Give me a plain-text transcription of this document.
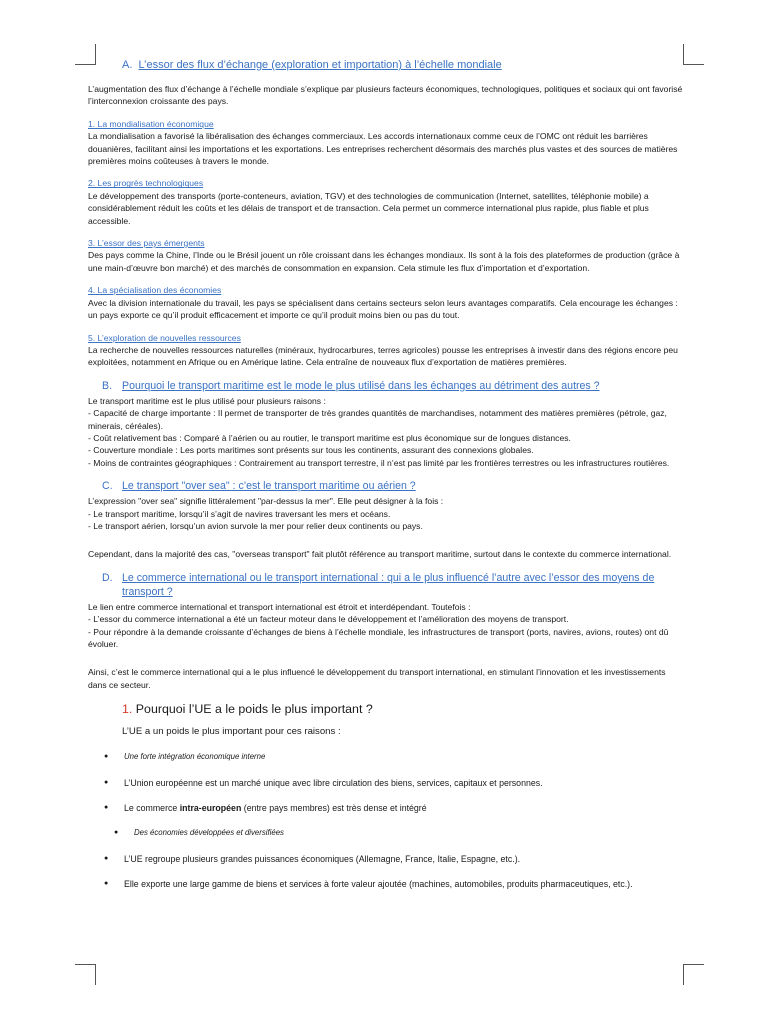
A. L’essor des flux d’échange (exploration et importation) à l’échelle mondiale

L’augmentation des flux d’échange à l’échelle mondiale s’explique par plusieurs facteurs économiques, technologiques, politiques et sociaux qui ont favorisé l’interconnexion croissante des pays.

1. La mondialisation économique

La mondialisation a favorisé la libéralisation des échanges commerciaux. Les accords internationaux comme ceux de l’OMC ont réduit les barrières douanières, facilitant ainsi les importations et les exportations. Les entreprises recherchent désormais des marchés plus vastes et des sources de matières premières moins coûteuses à travers le monde.

2. Les progrès technologiques

Le développement des transports (porte-conteneurs, aviation, TGV) et des technologies de communication (Internet, satellites, téléphonie mobile) a considérablement réduit les coûts et les délais de transport et de transaction. Cela permet un commerce international plus rapide, plus fiable et plus accessible.

3. L’essor des pays émergents

Des pays comme la Chine, l’Inde ou le Brésil jouent un rôle croissant dans les échanges mondiaux. Ils sont à la fois des plateformes de production (grâce à une main-d’œuvre bon marché) et des marchés de consommation en expansion. Cela stimule les flux d’importation et d’exportation.

4. La spécialisation des économies

Avec la division internationale du travail, les pays se spécialisent dans certains secteurs selon leurs avantages comparatifs. Cela encourage les échanges : un pays exporte ce qu’il produit efficacement et importe ce qu’il produit moins bien ou pas du tout.

5. L’exploration de nouvelles ressources

La recherche de nouvelles ressources naturelles (minéraux, hydrocarbures, terres agricoles) pousse les entreprises à investir dans des régions encore peu exploitées, notamment en Afrique ou en Amérique latine. Cela entraîne de nouveaux flux d’exportation de matières premières.

B. Pourquoi le transport maritime est le mode le plus utilisé dans les échanges au détriment des autres ?

Le transport maritime est le plus utilisé pour plusieurs raisons :

- Capacité de charge importante : Il permet de transporter de très grandes quantités de marchandises, notamment des matières premières (pétrole, gaz, minerais, céréales).

- Coût relativement bas : Comparé à l’aérien ou au routier, le transport maritime est plus économique sur de longues distances.

- Couverture mondiale : Les ports maritimes sont présents sur tous les continents, assurant des connexions globales.

- Moins de contraintes géographiques : Contrairement au transport terrestre, il n’est pas limité par les frontières terrestres ou les infrastructures routières.

C. Le transport "over sea" : c’est le transport maritime ou aérien ?

L’expression "over sea" signifie littéralement "par-dessus la mer". Elle peut désigner à la fois :

- Le transport maritime, lorsqu’il s’agit de navires traversant les mers et océans.

- Le transport aérien, lorsqu’un avion survole la mer pour relier deux continents ou pays.

Cependant, dans la majorité des cas, "overseas transport" fait plutôt référence au transport maritime, surtout dans le contexte du commerce international.

D. Le commerce international ou le transport international : qui a le plus influencé l’autre avec l’essor des moyens de transport ?

Le lien entre commerce international et transport international est étroit et interdépendant. Toutefois :

- L’essor du commerce international a été un facteur moteur dans le développement et l’amélioration des moyens de transport.

- Pour répondre à la demande croissante d’échanges de biens à l’échelle mondiale, les infrastructures de transport (ports, navires, avions, routes) ont dû évoluer.

Ainsi, c’est le commerce international qui a le plus influencé le développement du transport international, en stimulant l’innovation et les investissements dans ce secteur.

1. Pourquoi l’UE a le poids le plus important ?

L’UE a un poids le plus important pour ces raisons :

●	Une forte intégration économique interne
●	L’Union européenne est un marché unique avec libre circulation des biens, services, capitaux et personnes.
●	Le commerce intra-européen (entre pays membres) est très dense et intégré
●	Des économies développées et diversifiées
●	L’UE regroupe plusieurs grandes puissances économiques (Allemagne, France, Italie, Espagne, etc.).
●	Elle exporte une large gamme de biens et services à forte valeur ajoutée (machines, automobiles, produits pharmaceutiques, etc.).
